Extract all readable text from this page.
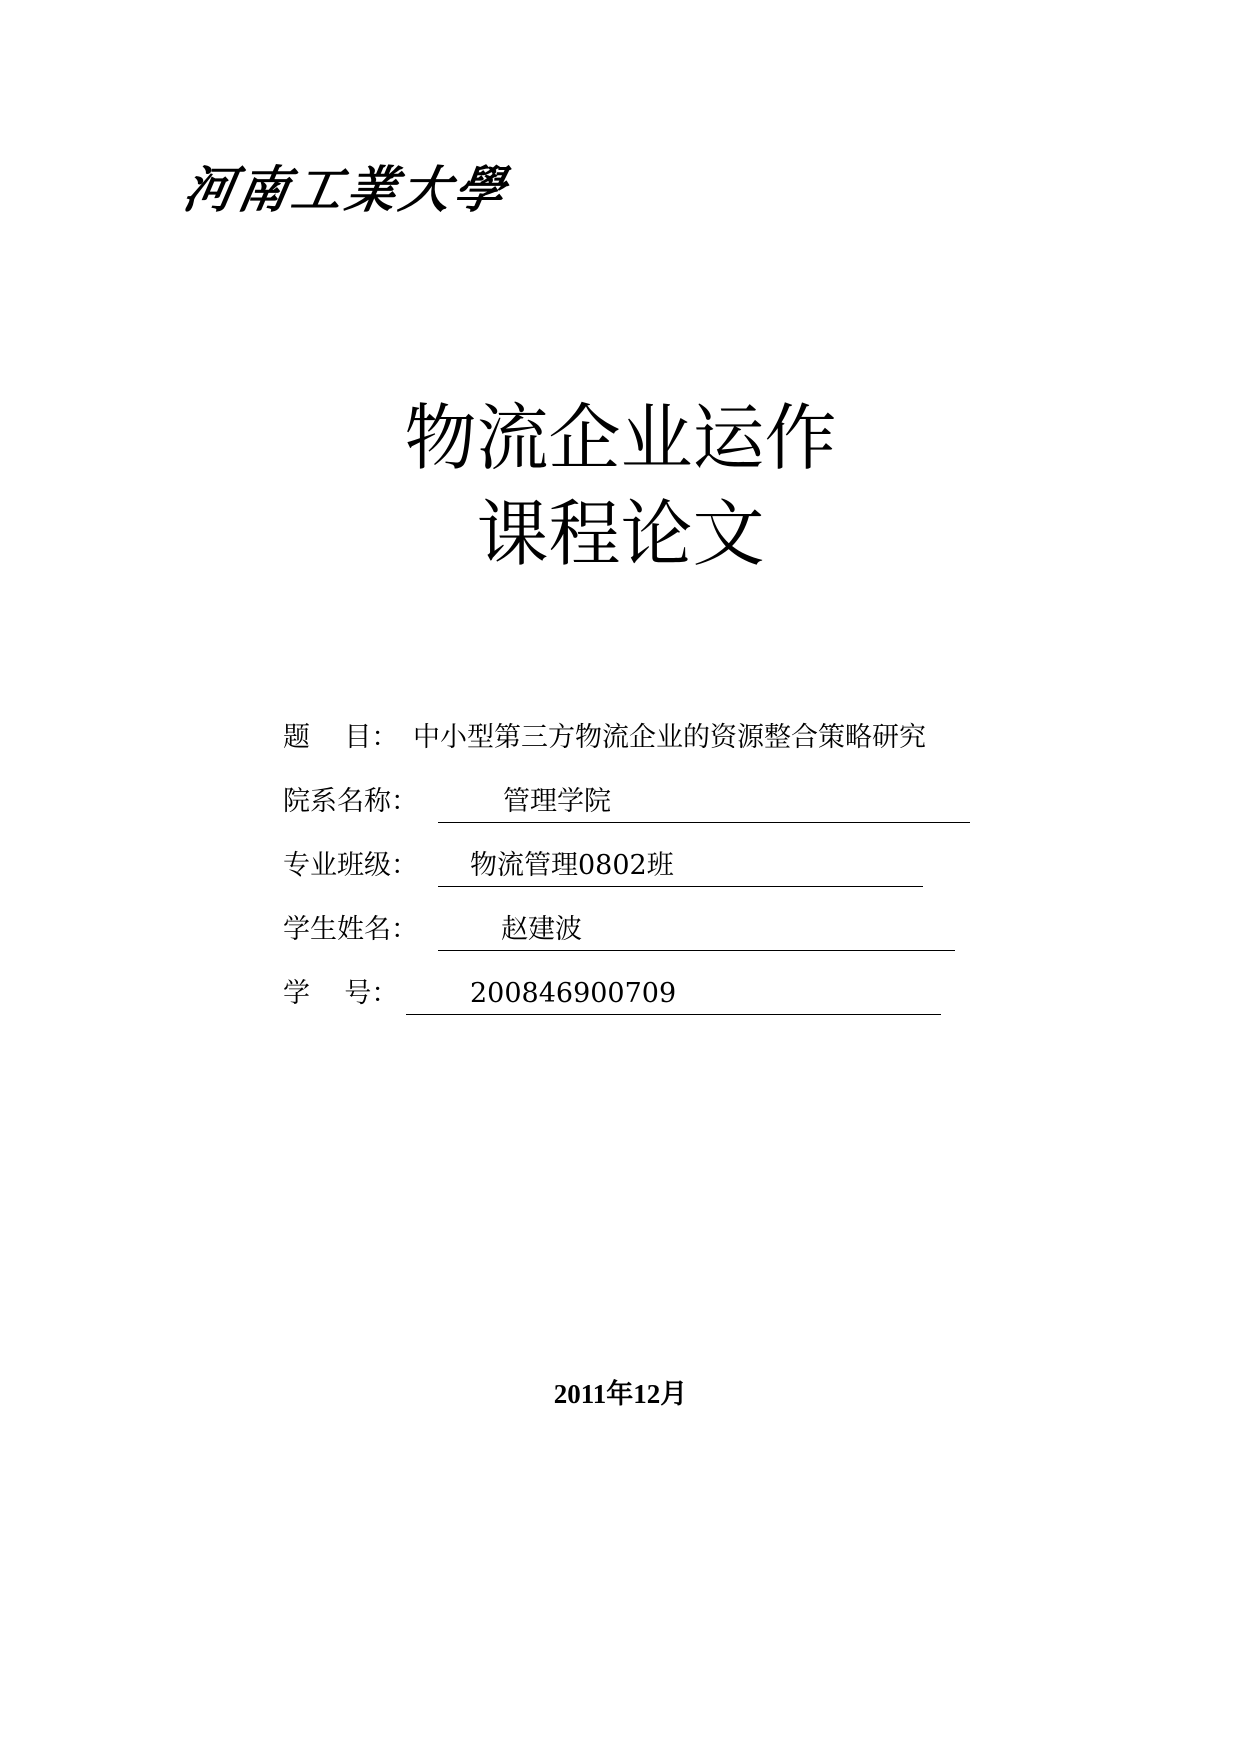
河南工業大學
物流企业运作
课程论文
题    目： 中小型第三方物流企业的资源整合策略研究
院系名称：	管理学院
专业班级：	物流管理0802班
学生姓名：	赵建波
学    号：	200846900709
2011年12月
